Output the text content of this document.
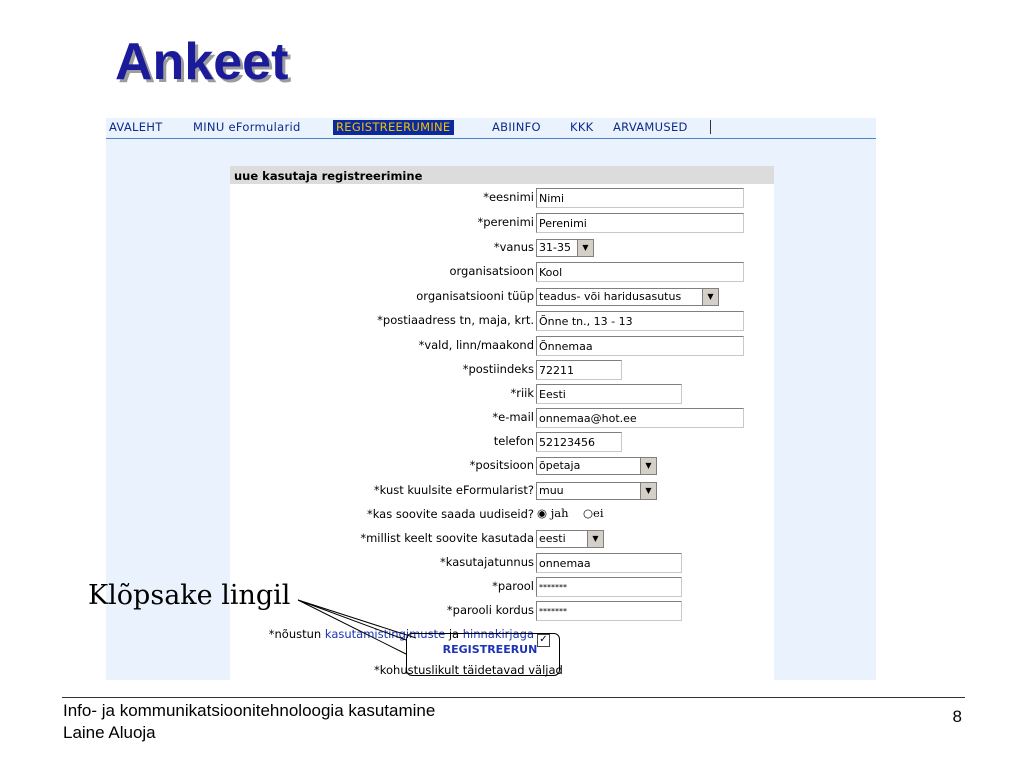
Ankeet
AVALEHT	MINU eFormularid	REGISTREERUMINE	ABIINFO	KKK ARVAMUSED
uue kasutaja registreerimine
*eesnimi Nimi
*perenimi Perenimi
*vanus 31-35	▼
organisatsioon Kool
organisatsiooni tüüp teadus- või haridusasutus	▼
*postiaadress tn, maja, krt. Õnne tn., 13 - 13
*vald, linn/maakond Õnnemaa
*postiindeks 72211
*riik Eesti
*e-mail onnemaa@hot.ee
telefon 52123456
*positsioon õpetaja	▼
*kust kuulsite eFormularist? muu	▼
*kas soovite saada uudiseid? ◉ jah ○ei
*millist keelt soovite kasutada eesti	▼
*kasutajatunnus onnemaa
*parool *******
*parooli kordus *******
*nõustun kasutamistingimuste ja hinnakirjaga ✓
REGISTREERUN
*kohustuslikult täidetavad väljad
Klõpsake lingil
Info- ja kommunikatsioonitehnoloogia kasutamine
Laine Aluoja
8
